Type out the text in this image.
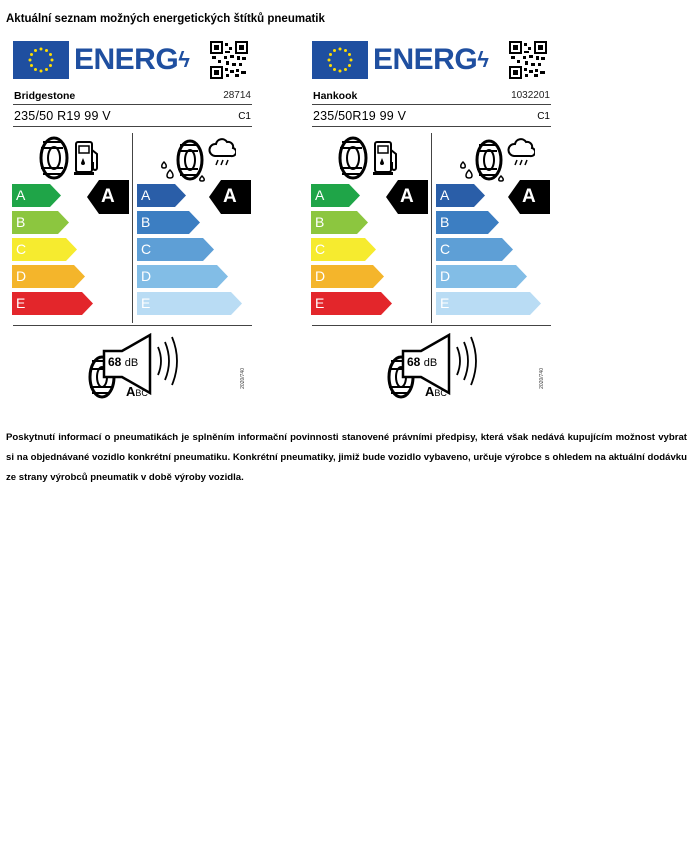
Aktuální seznam možných energetických štítků pneumatik
$ENERG^ϟ$
Bridgestone	28714
235/50 R19 99 V	C1
A
B
C
D
E
A
B
C
D
E
A	A
68 dB
ABC
2020/740
$ENERG^ϟ$
Hankook	1032201
235/50R19 99 V	C1
A
B
C
D
E
A
B
C
D
E
A	A
68 dB
ABC
2020/740
Poskytnutí informací o pneumatikách je splněním informační povinnosti stanovené právními předpisy, která však nedává kupujícím možnost vybrat si na objednávané vozidlo konkrétní pneumatiku. Konkrétní pneumatiky, jimiž bude vozidlo vybaveno, určuje výrobce s ohledem na aktuální dodávku ze strany výrobců pneumatik v době výroby vozidla.
